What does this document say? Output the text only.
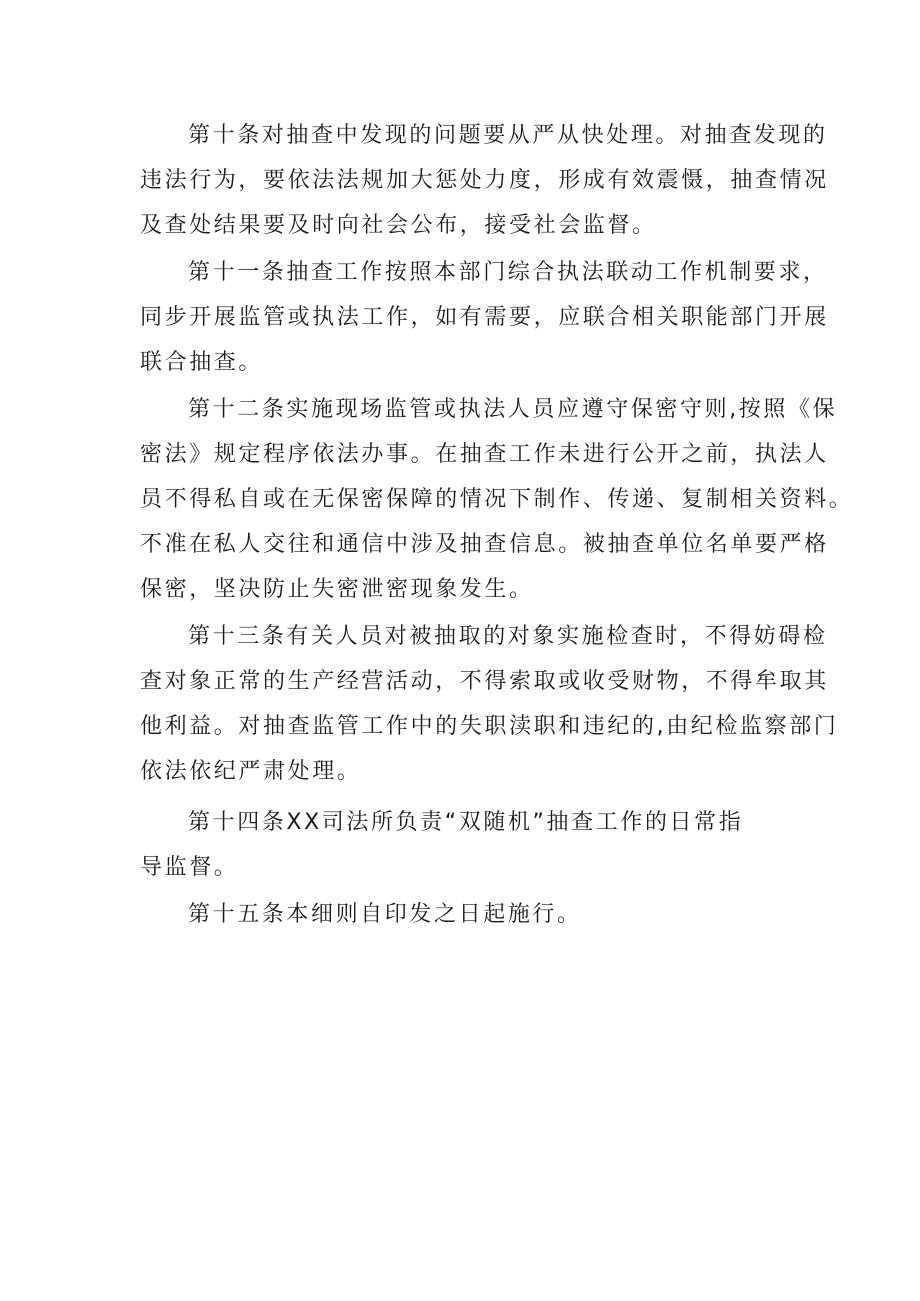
第十条对抽查中发现的问题要从严从快处理。对抽查发现的
违法行为，要依法法规加大惩处力度，形成有效震慑，抽查情况
及查处结果要及时向社会公布，接受社会监督。
第十一条抽查工作按照本部门综合执法联动工作机制要求，
同步开展监管或执法工作，如有需要，应联合相关职能部门开展
联合抽查。
第十二条实施现场监管或执法人员应遵守保密守则,按照《保
密法》规定程序依法办事。在抽查工作未进行公开之前，执法人
员不得私自或在无保密保障的情况下制作、传递、复制相关资料。
不准在私人交往和通信中涉及抽查信息。被抽查单位名单要严格
保密，坚决防止失密泄密现象发生。
第十三条有关人员对被抽取的对象实施检查时，不得妨碍检
查对象正常的生产经营活动，不得索取或收受财物，不得牟取其
他利益。对抽查监管工作中的失职渎职和违纪的,由纪检监察部门
依法依纪严肃处理。
第十四条XX司法所负责“双随机”抽查工作的日常指
导监督。
第十五条本细则自印发之日起施行。
